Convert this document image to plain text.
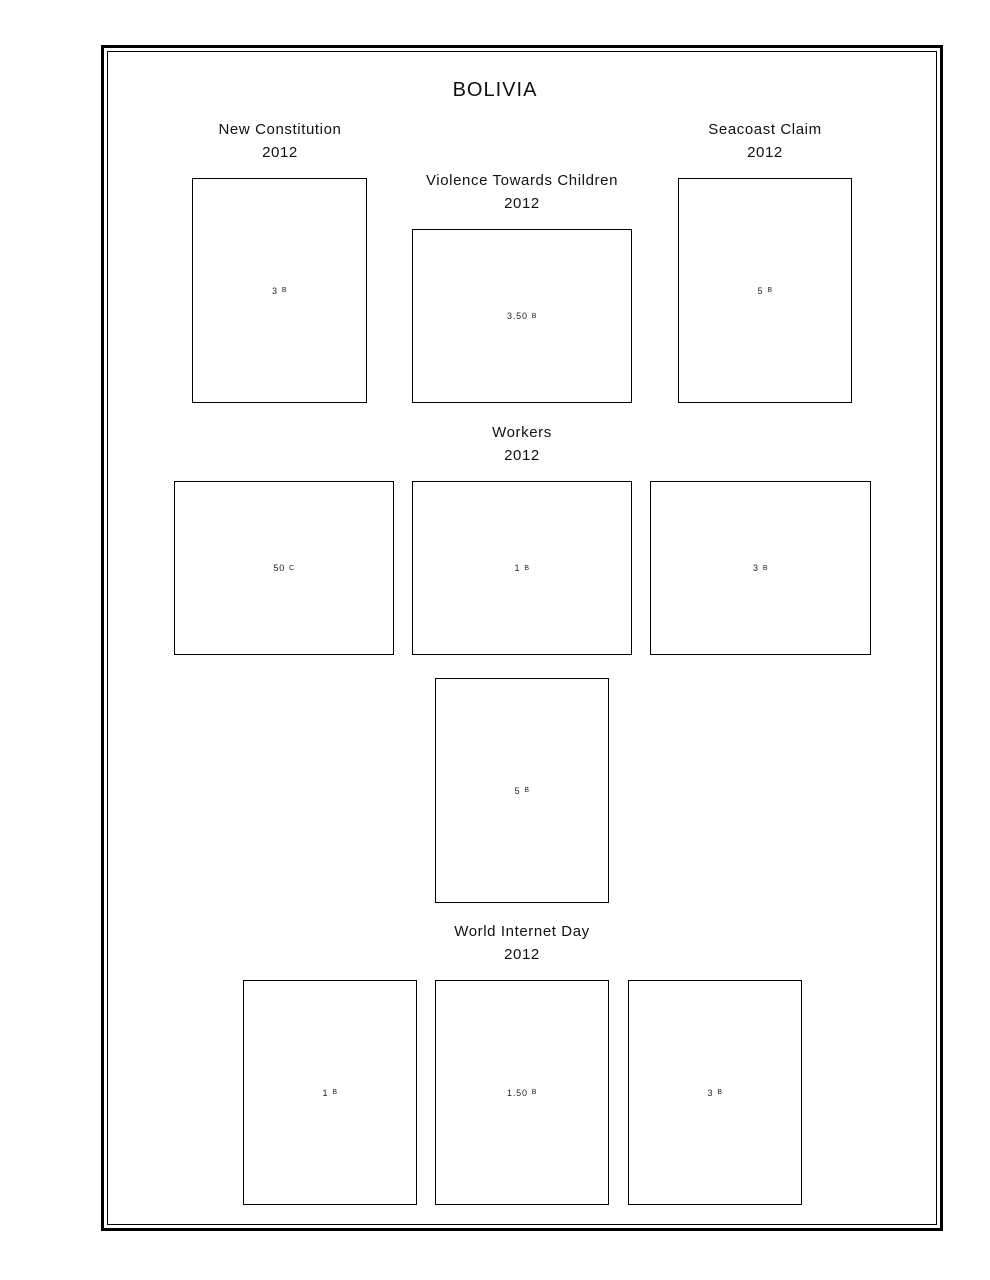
BOLIVIA
New Constitution
2012
3 B
Violence Towards Children
2012
3.50 B
Seacoast Claim
2012
5 B
Workers
2012
50 C	1 B	3 B
5 B
World Internet Day
2012
1 B	1.50 B	3 B
